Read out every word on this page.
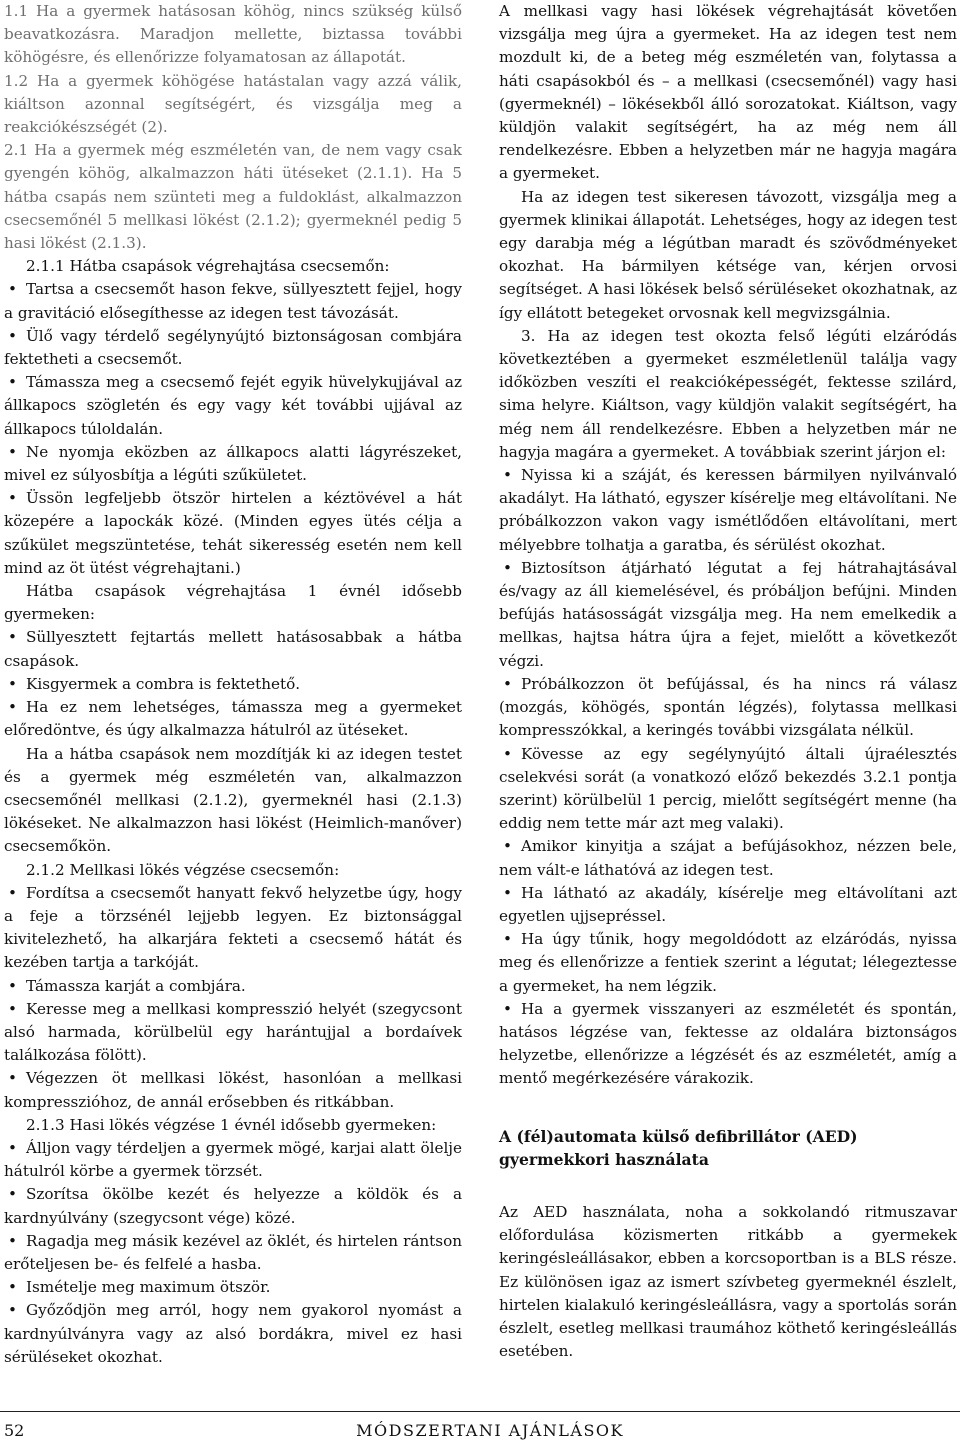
1.1 Ha a gyermek hatásosan köhög, nincs szükség külső beavatkozásra. Maradjon mellette, biztassa további köhögésre, és ellenőrizze folyamatosan az állapotát.

1.2 Ha a gyermek köhögése hatástalan vagy azzá válik, kiáltson azonnal segítségért, és vizsgálja meg a reakciókészségét (2).

2.1 Ha a gyermek még eszméletén van, de nem vagy csak gyengén köhög, alkalmazzon háti ütéseket (2.1.1). Ha 5 hátba csapás nem szünteti meg a fuldoklást, alkalmazzon csecsemőnél 5 mellkasi lökést (2.1.2); gyermeknél pedig 5 hasi lökést (2.1.3).

2.1.1 Hátba csapások végrehajtása csecsemőn:

• Tartsa a csecsemőt hason fekve, süllyesztett fejjel, hogy a gravitáció elősegíthesse az idegen test távozását.

• Ülő vagy térdelő segélynyújtó biztonságosan combjára fektetheti a csecsemőt.

• Támassza meg a csecsemő fejét egyik hüvelykujjával az állkapocs szögletén és egy vagy két további ujjával az állkapocs túloldalán.

• Ne nyomja eközben az állkapocs alatti lágyrészeket, mivel ez súlyosbítja a légúti szűkületet.

• Üssön legfeljebb ötször hirtelen a kéztövével a hát közepére a lapockák közé. (Minden egyes ütés célja a szűkület megszüntetése, tehát sikeresség esetén nem kell mind az öt ütést végrehajtani.)

Hátba csapások végrehajtása 1 évnél idősebb gyermeken:

• Süllyesztett fejtartás mellett hatásosabbak a hátba csapások.

• Kisgyermek a combra is fektethető.

• Ha ez nem lehetséges, támassza meg a gyermeket előredöntve, és úgy alkalmazza hátulról az ütéseket.

Ha a hátba csapások nem mozdítják ki az idegen testet és a gyermek még eszméletén van, alkalmazzon csecsemőnél mellkasi (2.1.2), gyermeknél hasi (2.1.3) lökéseket. Ne alkalmazzon hasi lökést (Heimlich-manőver) csecsemőkön.

2.1.2 Mellkasi lökés végzése csecsemőn:

• Fordítsa a csecsemőt hanyatt fekvő helyzetbe úgy, hogy a feje a törzsénél lejjebb legyen. Ez biztonsággal kivitelezhető, ha alkarjára fekteti a csecsemő hátát és kezében tartja a tarkóját.

• Támassza karját a combjára.

• Keresse meg a mellkasi kompresszió helyét (szegycsont alsó harmada, körülbelül egy harántujjal a bordaívek találkozása fölött).

• Végezzen öt mellkasi lökést, hasonlóan a mellkasi kompresszióhoz, de annál erősebben és ritkábban.

2.1.3 Hasi lökés végzése 1 évnél idősebb gyermeken:

• Álljon vagy térdeljen a gyermek mögé, karjai alatt ölelje hátulról körbe a gyermek törzsét.

• Szorítsa ökölbe kezét és helyezze a köldök és a kardnyúlvány (szegycsont vége) közé.

• Ragadja meg másik kezével az öklét, és hirtelen rántson erőteljesen be- és felfelé a hasba.

• Ismételje meg maximum ötször.

• Győződjön meg arról, hogy nem gyakorol nyomást a kardnyúlványra vagy az alsó bordákra, mivel ez hasi sérüléseket okozhat.

A mellkasi vagy hasi lökések végrehajtását követően vizsgálja meg újra a gyermeket. Ha az idegen test nem mozdult ki, de a beteg még eszméletén van, folytassa a háti csapásokból és – a mellkasi (csecsemőnél) vagy hasi (gyermeknél) – lökésekből álló sorozatokat. Kiáltson, vagy küldjön valakit segítségért, ha az még nem áll rendelkezésre. Ebben a helyzetben már ne hagyja magára a gyermeket.

Ha az idegen test sikeresen távozott, vizsgálja meg a gyermek klinikai állapotát. Lehetséges, hogy az idegen test egy darabja még a légútban maradt és szövődményeket okozhat. Ha bármilyen kétsége van, kérjen orvosi segítséget. A hasi lökések belső sérüléseket okozhatnak, az így ellátott betegeket orvosnak kell megvizsgálnia.

3. Ha az idegen test okozta felső légúti elzáródás következtében a gyermeket eszméletlenül találja vagy időközben veszíti el reakcióképességét, fektesse szilárd, sima helyre. Kiáltson, vagy küldjön valakit segítségért, ha még nem áll rendelkezésre. Ebben a helyzetben már ne hagyja magára a gyermeket. A továbbiak szerint járjon el:

• Nyissa ki a száját, és keressen bármilyen nyilvánvaló akadályt. Ha látható, egyszer kísérelje meg eltávolítani. Ne próbálkozzon vakon vagy ismétlődően eltávolítani, mert mélyebbre tolhatja a garatba, és sérülést okozhat.

• Biztosítson átjárható légutat a fej hátrahajtásával és/vagy az áll kiemelésével, és próbáljon befújni. Minden befújás hatásosságát vizsgálja meg. Ha nem emelkedik a mellkas, hajtsa hátra újra a fejet, mielőtt a következőt végzi.

• Próbálkozzon öt befújással, és ha nincs rá válasz (mozgás, köhögés, spontán légzés), folytassa mellkasi kompresszókkal, a keringés további vizsgálata nélkül.

• Kövesse az egy segélynyújtó általi újraélesztés cselekvési sorát (a vonatkozó előző bekezdés 3.2.1 pontja szerint) körülbelül 1 percig, mielőtt segítségért menne (ha eddig nem tette már azt meg valaki).

• Amikor kinyitja a szájat a befújásokhoz, nézzen bele, nem vált-e láthatóvá az idegen test.

• Ha látható az akadály, kísérelje meg eltávolítani azt egyetlen ujjsepréssel.

• Ha úgy tűnik, hogy megoldódott az elzáródás, nyissa meg és ellenőrizze a fentiek szerint a légutat; lélegeztesse a gyermeket, ha nem légzik.

• Ha a gyermek visszanyeri az eszméletét és spontán, hatásos légzése van, fektesse az oldalára biztonságos helyzetbe, ellenőrizze a légzését és az eszméletét, amíg a mentő megérkezésére várakozik.

A (fél)automata külső defibrillátor (AED) gyermekkori használata

Az AED használata, noha a sokkolandó ritmuszavar előfordulása közismerten ritkább a gyermekek keringésleállásakor, ebben a korcsoportban is a BLS része. Ez különösen igaz az ismert szívbeteg gyermeknél észlelt, hirtelen kialakuló keringésleállásra, vagy a sportolás során észlelt, esetleg mellkasi traumához köthető keringésleállás esetében.

52	MÓDSZERTANI AJÁNLÁSOK
